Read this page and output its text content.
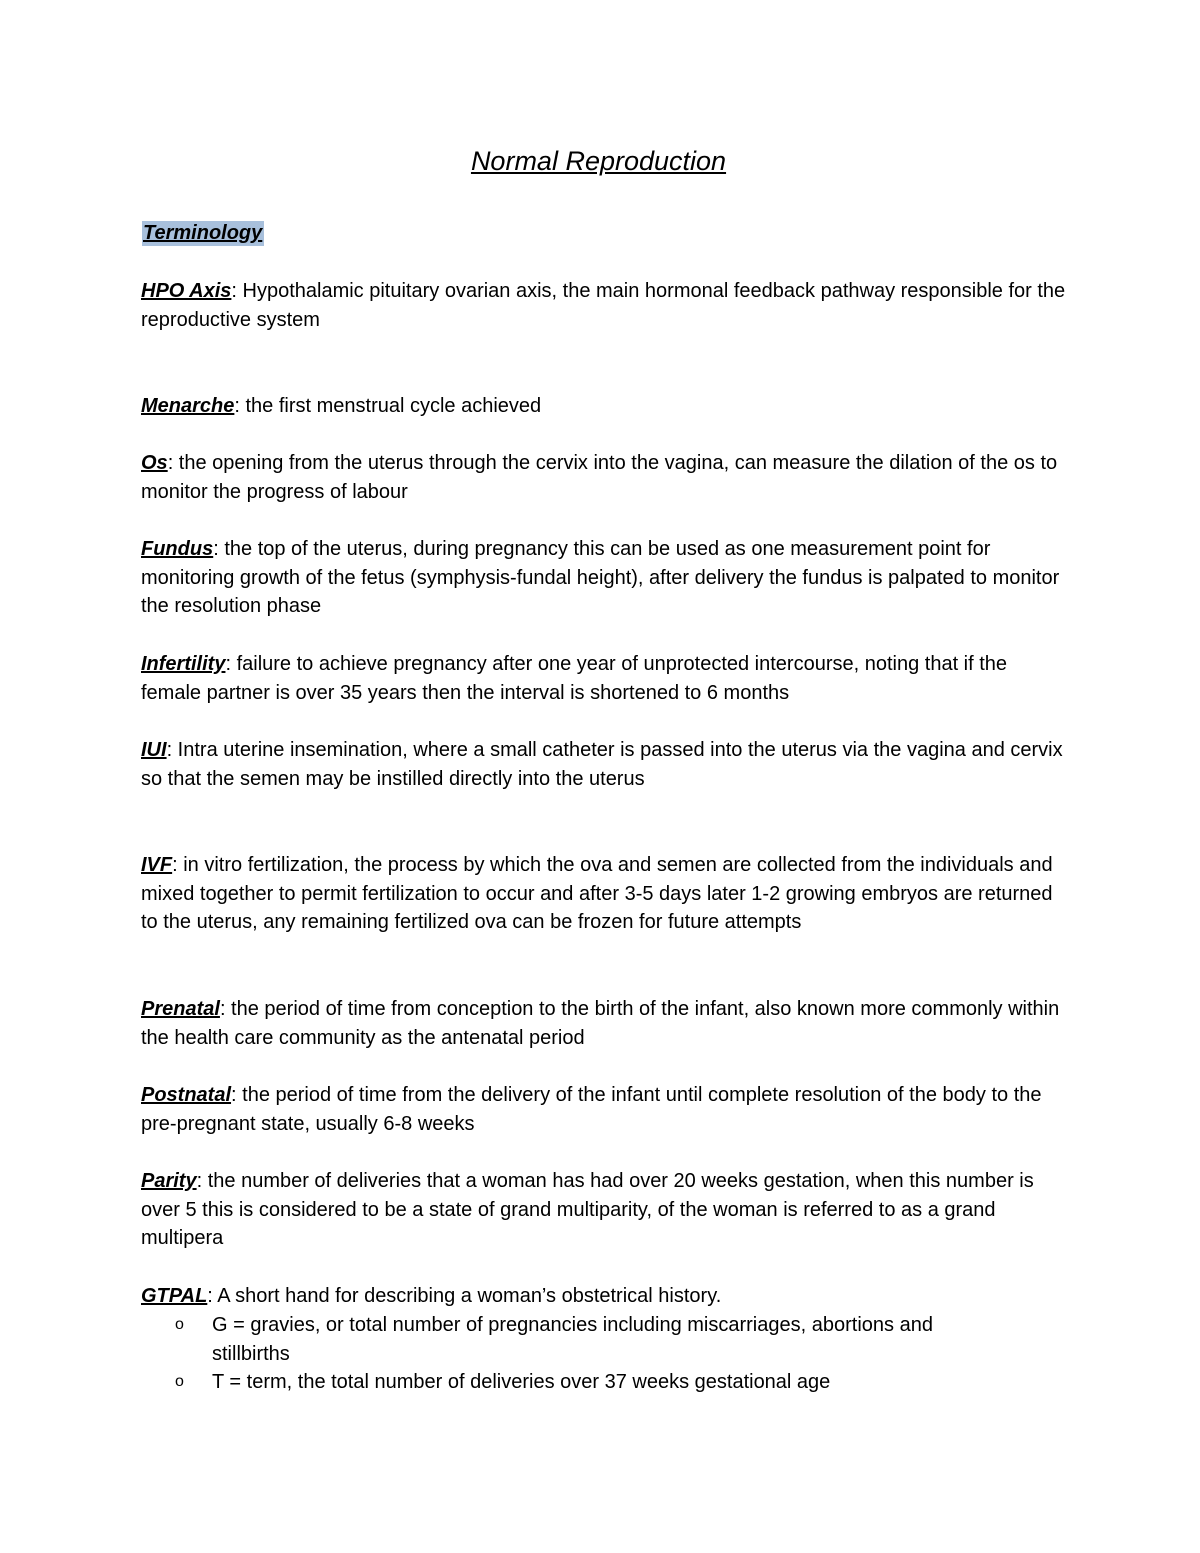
Normal Reproduction
Terminology

HPO Axis: Hypothalamic pituitary ovarian axis, the main hormonal feedback pathway responsible for the reproductive system

Menarche: the first menstrual cycle achieved

Os: the opening from the uterus through the cervix into the vagina, can measure the dilation of the os to monitor the progress of labour

Fundus: the top of the uterus, during pregnancy this can be used as one measurement point for monitoring growth of the fetus (symphysis-fundal height), after delivery the fundus is palpated to monitor the resolution phase

Infertility: failure to achieve pregnancy after one year of unprotected intercourse, noting that if the female partner is over 35 years then the interval is shortened to 6 months

IUI: Intra uterine insemination, where a small catheter is passed into the uterus via the vagina and cervix so that the semen may be instilled directly into the uterus

IVF: in vitro fertilization, the process by which the ova and semen are collected from the individuals and mixed together to permit fertilization to occur and after 3-5 days later 1-2 growing embryos are returned to the uterus, any remaining fertilized ova can be frozen for future attempts

Prenatal: the period of time from conception to the birth of the infant, also known more commonly within the health care community as the antenatal period

Postnatal: the period of time from the delivery of the infant until complete resolution of the body to the pre-pregnant state, usually 6-8 weeks

Parity: the number of deliveries that a woman has had over 20 weeks gestation, when this number is over 5 this is considered to be a state of grand multiparity, of the woman is referred to as a grand multipera

GTPAL: A short hand for describing a woman’s obstetrical history.

o G = gravies, or total number of pregnancies including miscarriages, abortions and stillbirths
o T = term, the total number of deliveries over 37 weeks gestational age
